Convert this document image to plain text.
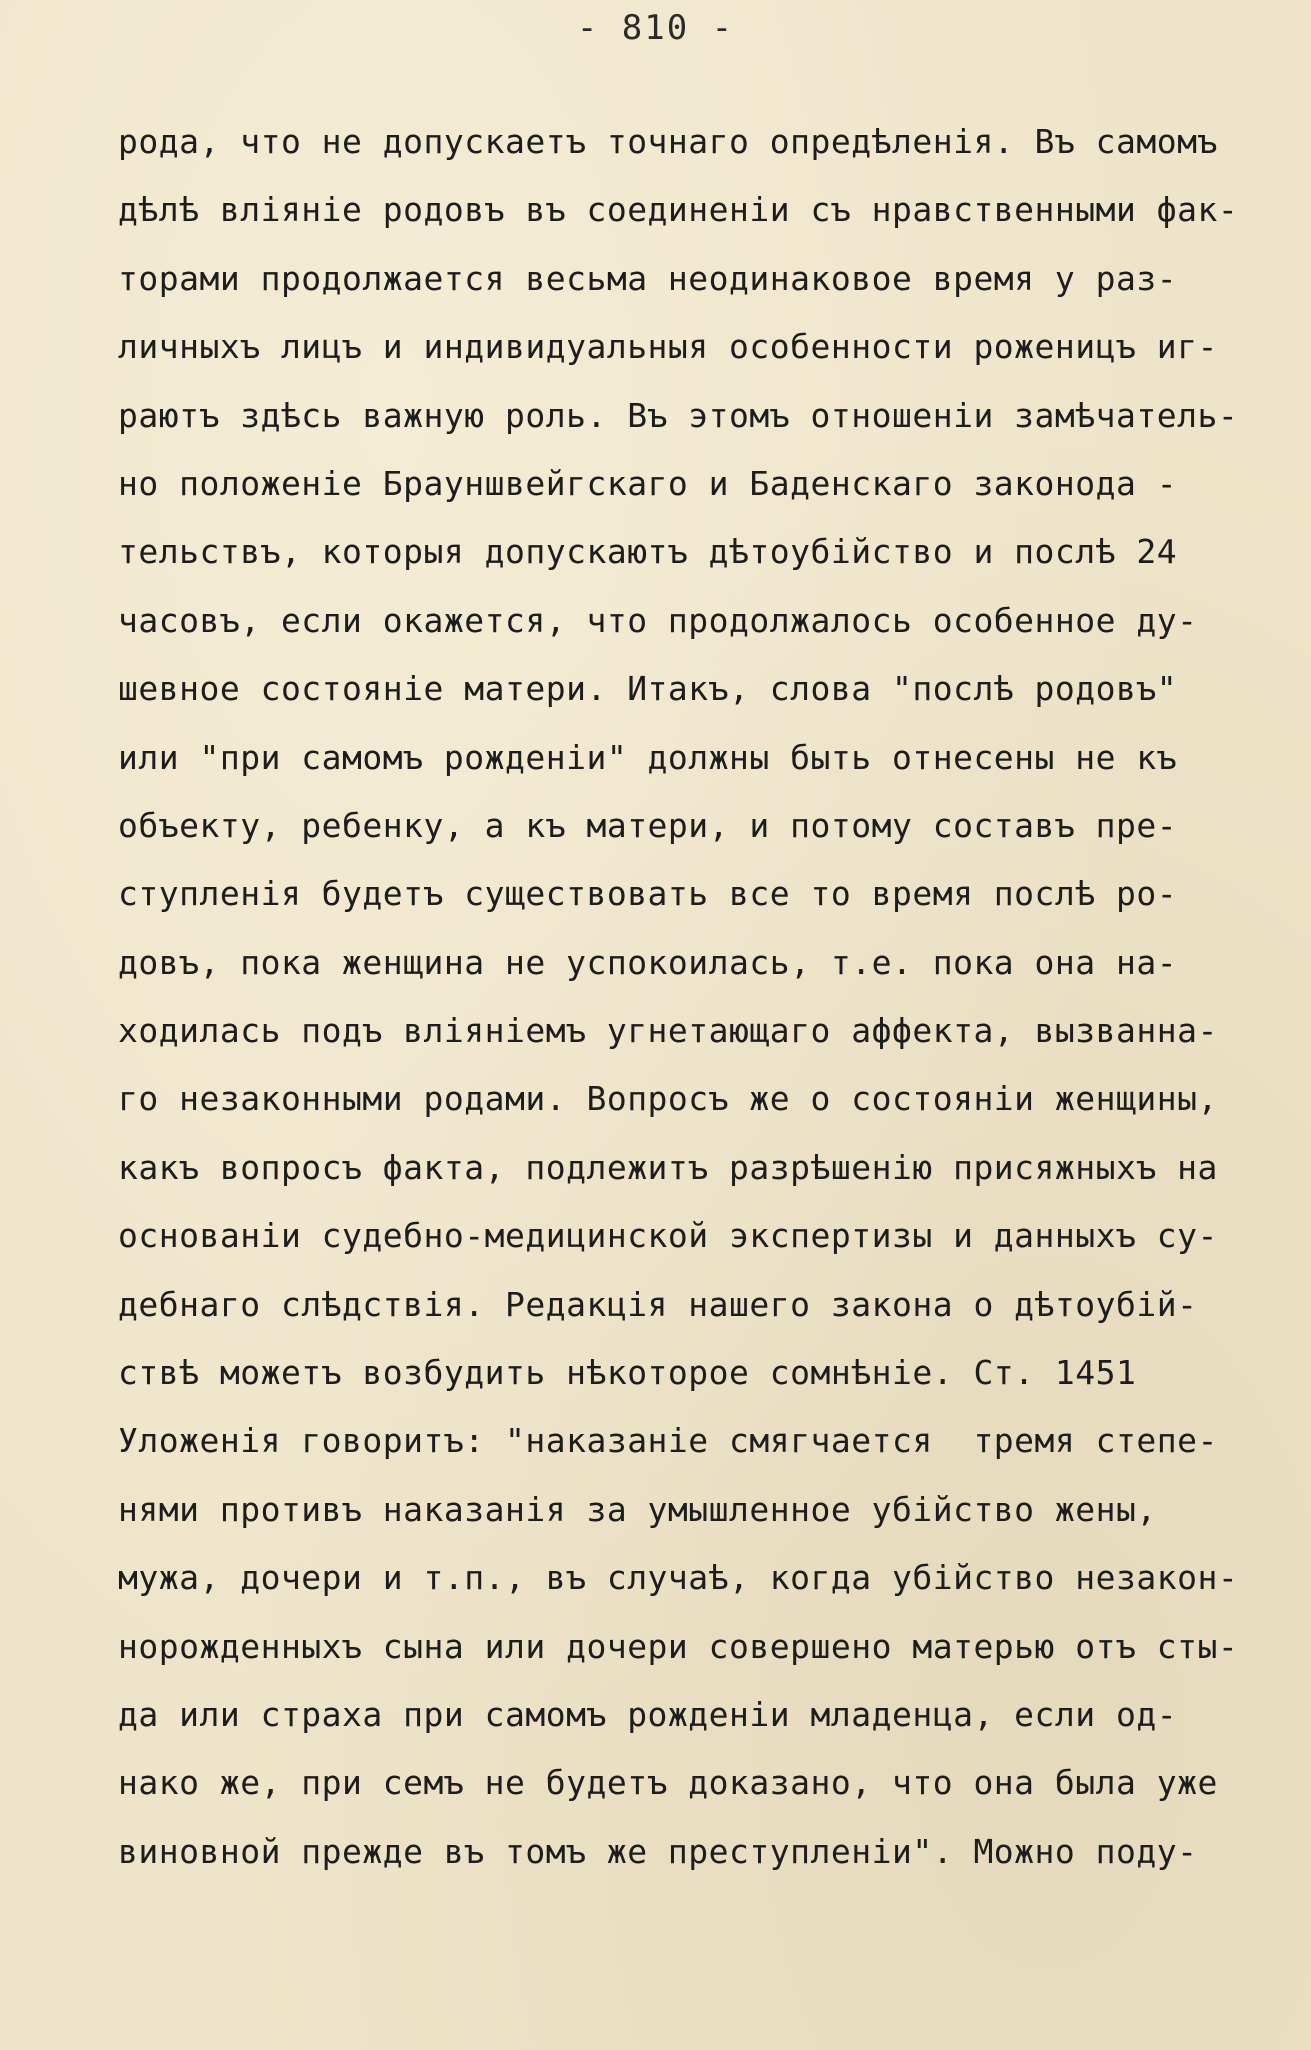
- 810 -
рода, что не допускаетъ точнаго опредѣленія. Въ самомъ
дѣлѣ вліяніе родовъ въ соединеніи съ нравственными фак-
торами продолжается весьма неодинаковое время у раз-
личныхъ лицъ и индивидуальныя особенности роженицъ иг-
раютъ здѣсь важную роль. Въ этомъ отношеніи замѣчатель-
но положеніе Брауншвейгскаго и Баденскаго законода -
тельствъ, которыя допускаютъ дѣтоубійство и послѣ 24
часовъ, если окажется, что продолжалось особенное ду-
шевное состояніе матери. Итакъ, слова "послѣ родовъ"
или "при самомъ рожденіи" должны быть отнесены не къ
объекту, ребенку, а къ матери, и потому составъ пре-
ступленія будетъ существовать все то время послѣ ро-
довъ, пока женщина не успокоилась, т.е. пока она на-
ходилась подъ вліяніемъ угнетающаго аффекта, вызванна-
го незаконными родами. Вопросъ же о состояніи женщины,
какъ вопросъ факта, подлежитъ разрѣшенію присяжныхъ на
основаніи судебно-медицинской экспертизы и данныхъ су-
дебнаго слѣдствія. Редакція нашего закона о дѣтоубій-
ствѣ можетъ возбудить нѣкоторое сомнѣніе. Ст. 1451
Уложенія говоритъ: "наказаніе смягчается  тремя степе-
нями противъ наказанія за умышленное убійство жены,
мужа, дочери и т.п., въ случаѣ, когда убійство незакон-
норожденныхъ сына или дочери совершено матерью отъ сты-
да или страха при самомъ рожденіи младенца, если од-
нако же, при семъ не будетъ доказано, что она была уже
виновной прежде въ томъ же преступленіи". Можно поду-
